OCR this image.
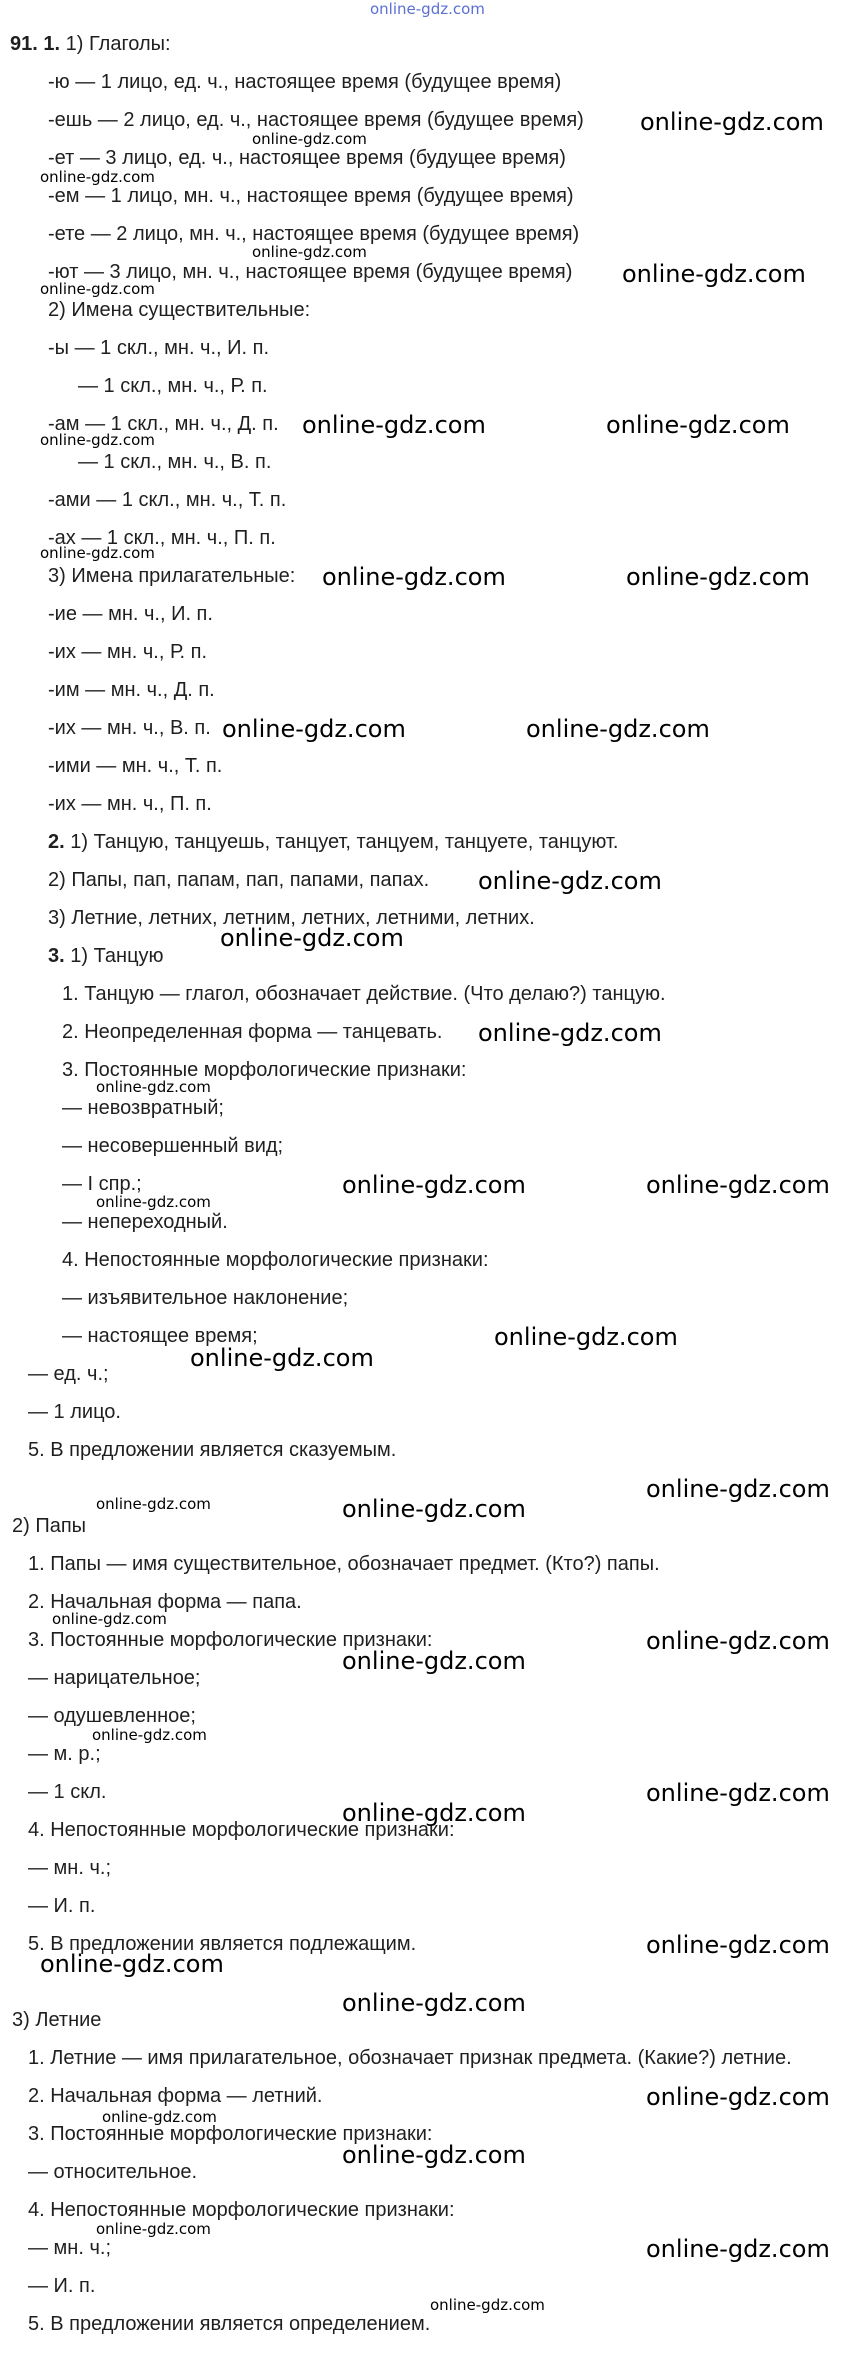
online-gdz.com
91. 1. 1) Глаголы:
-ю — 1 лицо, ед. ч., настоящее время (будущее время)
-ешь — 2 лицо, ед. ч., настоящее время (будущее время)
-ет — 3 лицо, ед. ч., настоящее время (будущее время)
-ем — 1 лицо, мн. ч., настоящее время (будущее время)
-ете — 2 лицо, мн. ч., настоящее время (будущее время)
-ют — 3 лицо, мн. ч., настоящее время (будущее время)
2) Имена существительные:
-ы — 1 скл., мн. ч., И. п.
— 1 скл., мн. ч., Р. п.
-ам — 1 скл., мн. ч., Д. п.
— 1 скл., мн. ч., В. п.
-ами — 1 скл., мн. ч., Т. п.
-ах — 1 скл., мн. ч., П. п.
3) Имена прилагательные:
-ие — мн. ч., И. п.
-их — мн. ч., Р. п.
-им — мн. ч., Д. п.
-их — мн. ч., В. п.
-ими — мн. ч., Т. п.
-их — мн. ч., П. п.
2. 1) Танцую, танцуешь, танцует, танцуем, танцуете, танцуют.
2) Папы, пап, папам, пап, папами, папах.
3) Летние, летних, летним, летних, летними, летних.
3. 1) Танцую
1. Танцую — глагол, обозначает действие. (Что делаю?) танцую.
2. Неопределенная форма — танцевать.
3. Постоянные морфологические признаки:
— невозвратный;
— несовершенный вид;
— I спр.;
— непереходный.
4. Непостоянные морфологические признаки:
— изъявительное наклонение;
— настоящее время;
— ед. ч.;
— 1 лицо.
5. В предложении является сказуемым.
2) Папы
1. Папы — имя существительное, обозначает предмет. (Кто?) папы.
2. Начальная форма — папа.
3. Постоянные морфологические признаки:
— нарицательное;
— одушевленное;
— м. р.;
— 1 скл.
4. Непостоянные морфологические признаки:
— мн. ч.;
— И. п.
5. В предложении является подлежащим.
3) Летние
1. Летние — имя прилагательное, обозначает признак предмета. (Какие?) летние.
2. Начальная форма — летний.
3. Постоянные морфологические признаки:
— относительное.
4. Непостоянные морфологические признаки:
— мн. ч.;
— И. п.
5. В предложении является определением.
online-gdz.com
online-gdz.com
online-gdz.com	online-gdz.com
online-gdz.com	online-gdz.com
online-gdz.com	online-gdz.com
online-gdz.com
online-gdz.com
online-gdz.com
online-gdz.com	online-gdz.com
online-gdz.com
online-gdz.com
online-gdz.com
online-gdz.com
online-gdz.com
online-gdz.com
online-gdz.com
online-gdz.com
online-gdz.com
online-gdz.com
online-gdz.com
online-gdz.com
online-gdz.com
online-gdz.com
online-gdz.com
online-gdz.com
online-gdz.com
online-gdz.com
online-gdz.com
online-gdz.com
online-gdz.com
online-gdz.com
online-gdz.com
online-gdz.com
online-gdz.com
online-gdz.com
online-gdz.com
online-gdz.com
